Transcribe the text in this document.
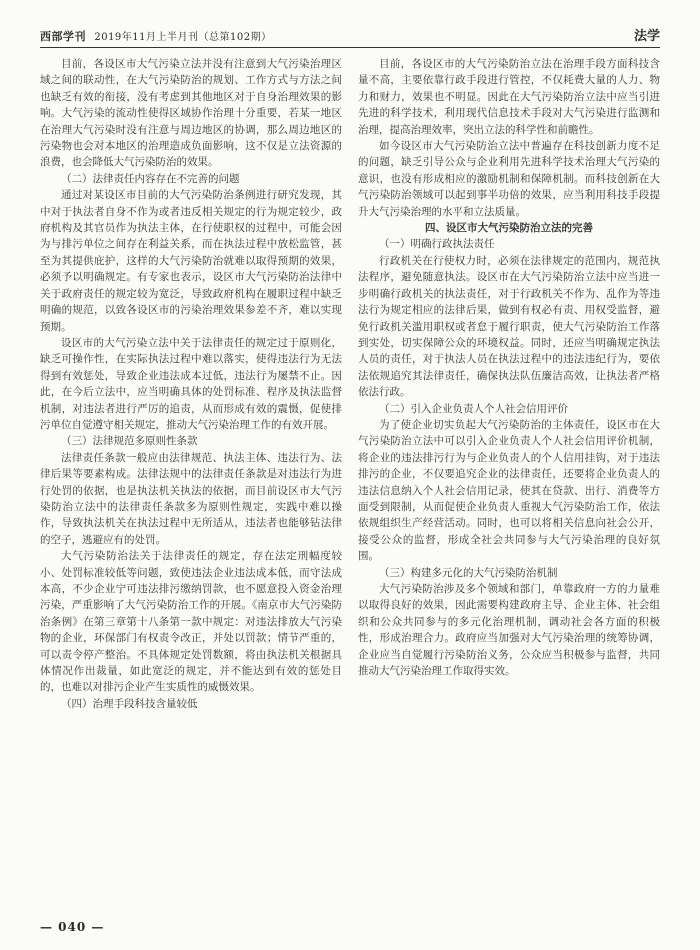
西部学刊 2019年11月上半月刊（总第102期）	法学

目前，各设区市大气污染立法并没有注意到大气污染治理区域之间的联动性，在大气污染防治的规划、工作方式与方法之间也缺乏有效的衔接，没有考虑到其他地区对于自身治理效果的影响。大气污染的流动性使得区域协作治理十分重要，若某一地区在治理大气污染时没有注意与周边地区的协调，那么周边地区的污染物也会对本地区的治理造成负面影响，这不仅是立法资源的浪费，也会降低大气污染防治的效果。

（二）法律责任内容存在不完善的问题

通过对某设区市目前的大气污染防治条例进行研究发现，其中对于执法者自身不作为或者违反相关规定的行为规定较少，政府机构及其官员作为执法主体，在行使职权的过程中，可能会因为与排污单位之间存在利益关系，而在执法过程中放松监管，甚至为其提供庇护，这样的大气污染防治就难以取得预期的效果，必须予以明确规定。有专家也表示，设区市大气污染防治法律中关于政府责任的规定较为宽泛，导致政府机构在履职过程中缺乏明确的规范，以致各设区市的污染治理效果参差不齐，难以实现预期。

设区市的大气污染立法中关于法律责任的规定过于原则化，缺乏可操作性，在实际执法过程中难以落实，使得违法行为无法得到有效惩处，导致企业违法成本过低，违法行为屡禁不止。因此，在今后立法中，应当明确具体的处罚标准、程序及执法监督机制，对违法者进行严厉的追责，从而形成有效的震慑，促使排污单位自觉遵守相关规定，推动大气污染治理工作的有效开展。

（三）法律规范多原则性条款

法律责任条款一般应由法律规范、执法主体、违法行为、法律后果等要素构成。法律法规中的法律责任条款是对违法行为进行处罚的依据，也是执法机关执法的依据，而目前设区市大气污染防治立法中的法律责任条款多为原则性规定，实践中难以操作，导致执法机关在执法过程中无所适从，违法者也能够钻法律的空子，逃避应有的处罚。

大气污染防治法关于法律责任的规定，存在法定刑幅度较小、处罚标准较低等问题，致使违法企业违法成本低，而守法成本高，不少企业宁可违法排污缴纳罚款，也不愿意投入资金治理污染，严重影响了大气污染防治工作的开展。《南京市大气污染防治条例》在第三章第十八条第一款中规定：对违法排放大气污染物的企业，环保部门有权责令改正，并处以罚款；情节严重的，可以责令停产整治。不具体规定处罚数额，将由执法机关根据具体情况作出裁量，如此宽泛的规定，并不能达到有效的惩处目的，也难以对排污企业产生实质性的威慑效果。

（四）治理手段科技含量较低

目前，各设区市的大气污染防治立法在治理手段方面科技含量不高，主要依靠行政手段进行管控，不仅耗费大量的人力、物力和财力，效果也不明显。因此在大气污染防治立法中应当引进先进的科学技术，利用现代信息技术手段对大气污染进行监测和治理，提高治理效率，突出立法的科学性和前瞻性。

如今设区市大气污染防治立法中普遍存在科技创新力度不足的问题，缺乏引导公众与企业利用先进科学技术治理大气污染的意识，也没有形成相应的激励机制和保障机制。而科技创新在大气污染防治领域可以起到事半功倍的效果，应当利用科技手段提升大气污染治理的水平和立法质量。

四、设区市大气污染防治立法的完善

（一）明确行政执法责任

行政机关在行使权力时，必须在法律规定的范围内，规范执法程序，避免随意执法。设区市在大气污染防治立法中应当进一步明确行政机关的执法责任，对于行政机关不作为、乱作为等违法行为规定相应的法律后果，做到有权必有责、用权受监督，避免行政机关滥用职权或者怠于履行职责，使大气污染防治工作落到实处，切实保障公众的环境权益。同时，还应当明确规定执法人员的责任，对于执法人员在执法过程中的违法违纪行为，要依法依规追究其法律责任，确保执法队伍廉洁高效，让执法者严格依法行政。

（二）引入企业负责人个人社会信用评价

为了使企业切实负起大气污染防治的主体责任，设区市在大气污染防治立法中可以引入企业负责人个人社会信用评价机制，将企业的违法排污行为与企业负责人的个人信用挂钩，对于违法排污的企业，不仅要追究企业的法律责任，还要将企业负责人的违法信息纳入个人社会信用记录，使其在贷款、出行、消费等方面受到限制，从而促使企业负责人重视大气污染防治工作，依法依规组织生产经营活动。同时，也可以将相关信息向社会公开，接受公众的监督，形成全社会共同参与大气污染治理的良好氛围。

（三）构建多元化的大气污染防治机制

大气污染防治涉及多个领域和部门，单靠政府一方的力量难以取得良好的效果，因此需要构建政府主导、企业主体、社会组织和公众共同参与的多元化治理机制，调动社会各方面的积极性，形成治理合力。政府应当加强对大气污染治理的统筹协调，企业应当自觉履行污染防治义务，公众应当积极参与监督，共同推动大气污染治理工作取得实效。

— 040 —
